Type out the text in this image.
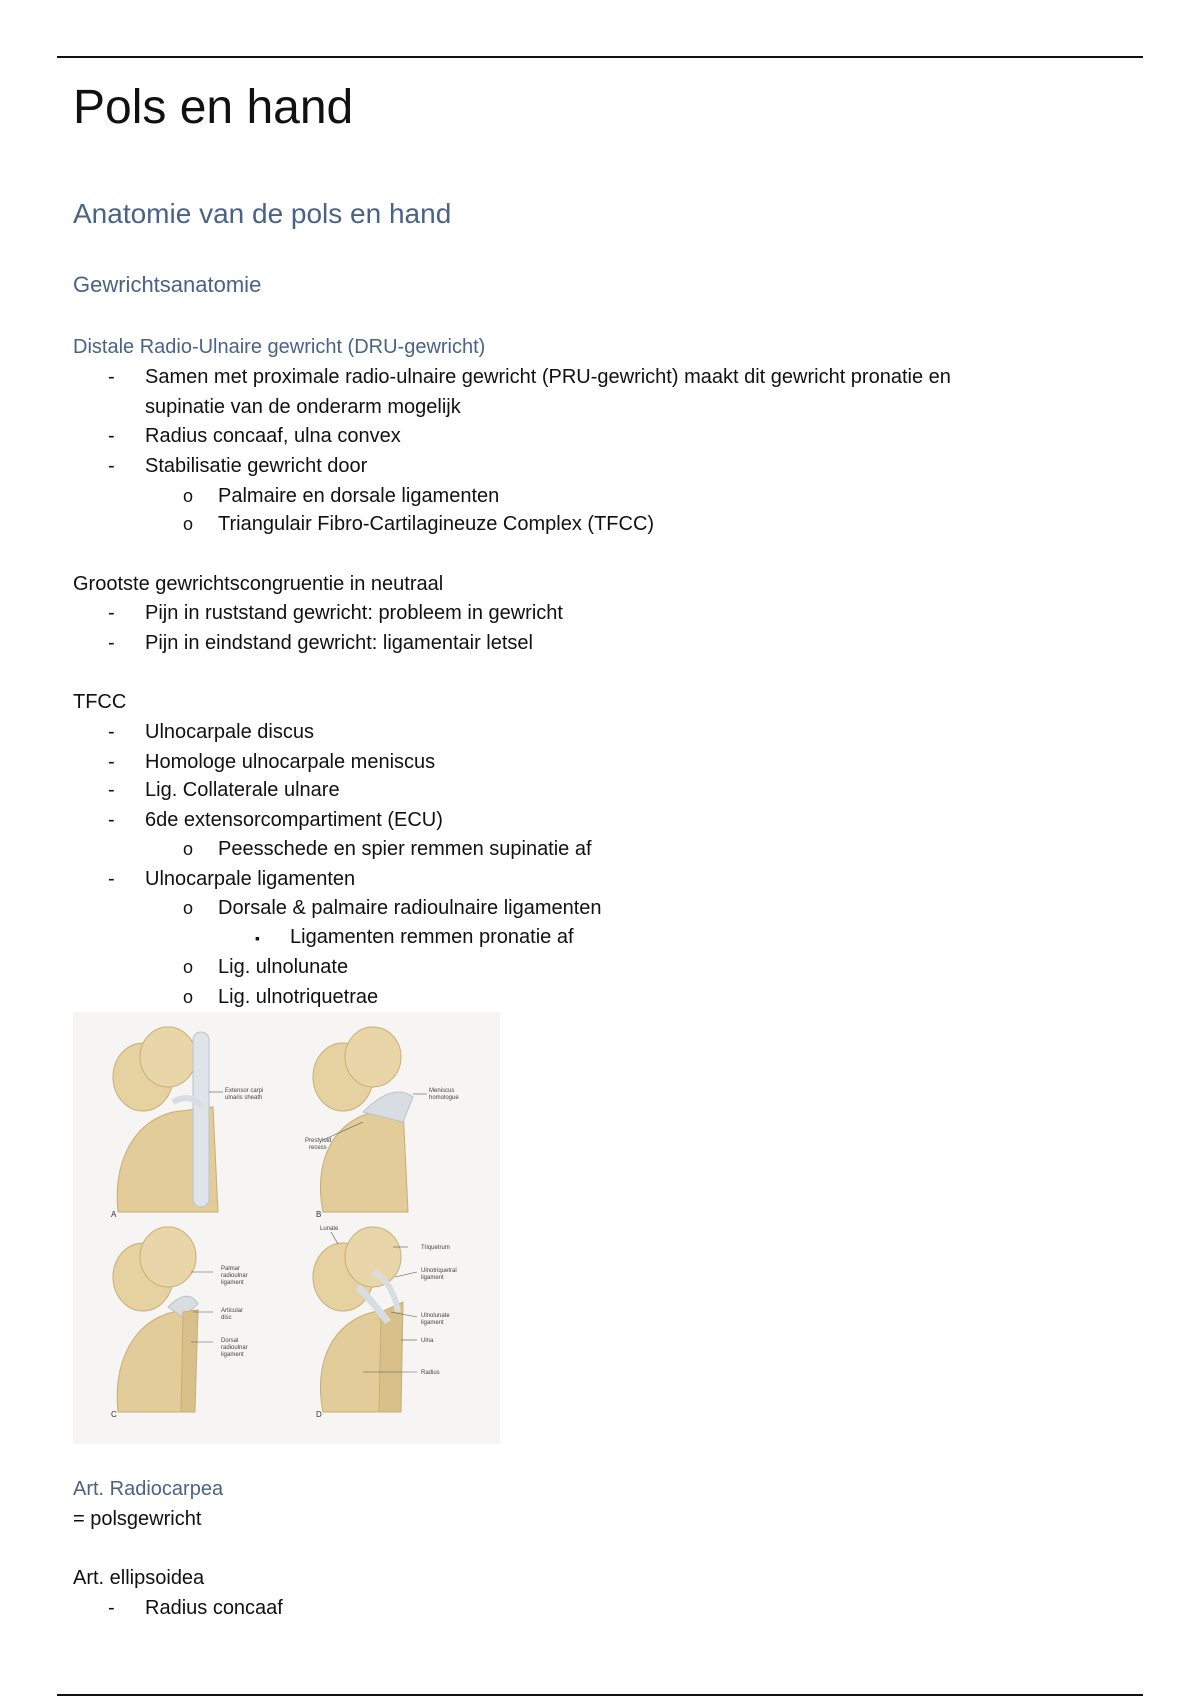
Pols en hand
Anatomie van de pols en hand
Gewrichtsanatomie
Distale Radio-Ulnaire gewricht (DRU-gewricht)
- Samen met proximale radio-ulnaire gewricht (PRU-gewricht) maakt dit gewricht pronatie en
supinatie van de onderarm mogelijk
- Radius concaaf, ulna convex
- Stabilisatie gewricht door
o Palmaire en dorsale ligamenten
o Triangulair Fibro-Cartilagineuze Complex (TFCC)
Grootste gewrichtscongruentie in neutraal
- Pijn in ruststand gewricht: probleem in gewricht
- Pijn in eindstand gewricht: ligamentair letsel
TFCC
- Ulnocarpale discus
- Homologe ulnocarpale meniscus
- Lig. Collaterale ulnare
- 6de extensorcompartiment (ECU)
o Peesschede en spier remmen supinatie af
- Ulnocarpale ligamenten
o Dorsale & palmaire radioulnaire ligamenten
▪ Ligamenten remmen pronatie af
o Lig. ulnolunate
o Lig. ulnotriquetrae
Extensor carpi
ulnaris sheath
A
Meniscus
homologue
Prestyloid
recess
B
Palmar
radioulnar
ligament
Articular
disc
Dorsal
radioulnar
ligament
C
Lunate
Triquetrum
Ulnotriquetral
ligament
Ulnolunate
ligament
Ulna
Radius
D
Art. Radiocarpea
= polsgewricht
Art. ellipsoidea
- Radius concaaf
